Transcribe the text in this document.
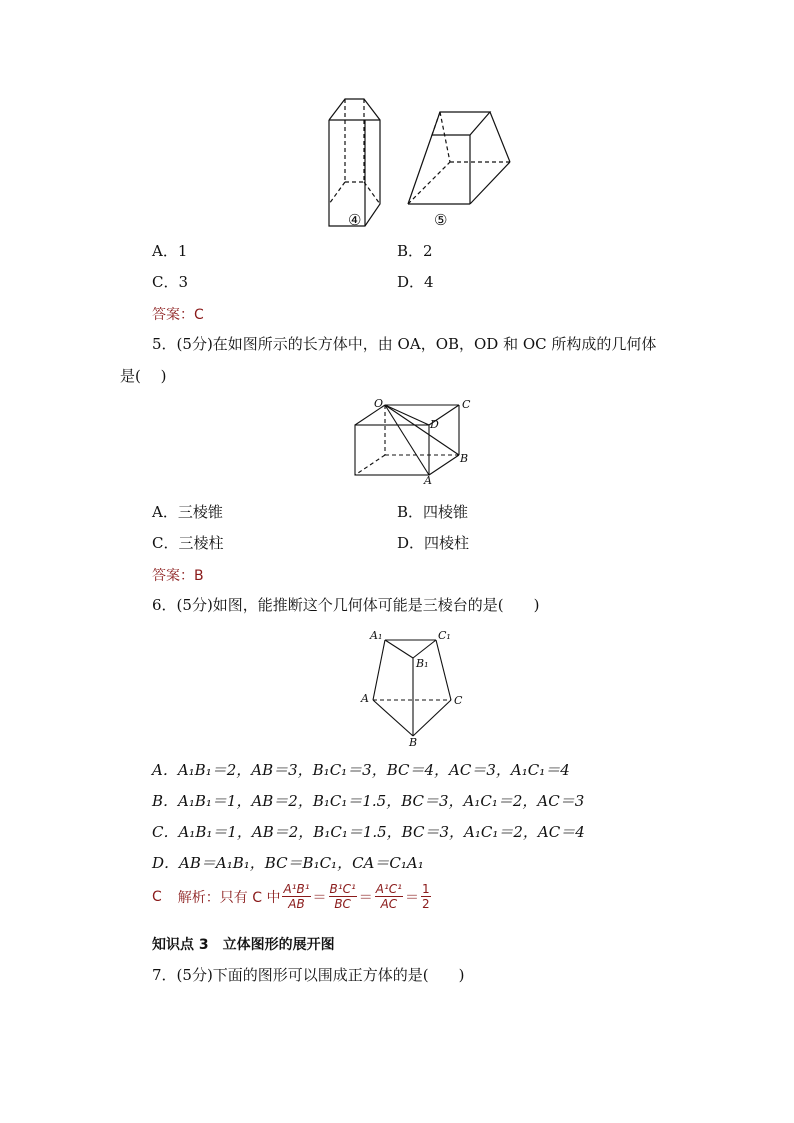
④	⑤
A．1	B．2
C．3	D．4
答案：C
5．(5分)在如图所示的长方体中，由 OA，OB，OD 和 OC 所构成的几何体
是(　 )
O	C
D
B
A
A．三棱锥	B．四棱锥
C．三棱柱	D．四棱柱
答案：B
6．(5分)如图，能推断这个几何体可能是三棱台的是(　　)
A₁	C₁
B₁
A	C
B
A．A₁B₁＝2，AB＝3，B₁C₁＝3，BC＝4，AC＝3，A₁C₁＝4
B．A₁B₁＝1，AB＝2，B₁C₁＝1.5，BC＝3，A₁C₁＝2，AC＝3
C．A₁B₁＝1，AB＝2，B₁C₁＝1.5，BC＝3，A₁C₁＝2，AC＝4
D．AB＝A₁B₁，BC＝B₁C₁，CA＝C₁A₁
C 解析：只有 C 中 $\frac{\text{A¹B¹}}{AB} = \frac{\text{B¹C¹}}{BC} = \frac{\text{A¹C¹}}{AC} = \frac{1}{2}$
知识点 3　立体图形的展开图
7．(5分)下面的图形可以围成正方体的是(　　)
